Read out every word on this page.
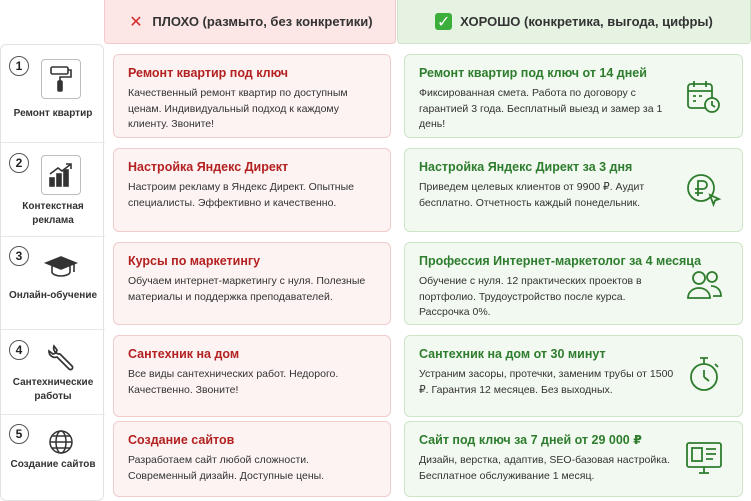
✕ ПЛОХО (размыто, без конкретики)	✓ ХОРОШО (конкретика, выгода, цифры)
1
Ремонт квартир
2
Контекстная реклама
3
Онлайн-обучение
4
Сантехнические работы
5
Создание сайтов
Ремонт квартир под ключ
Качественный ремонт квартир по доступным ценам. Индивидуальный подход к каждому клиенту. Звоните!
Ремонт квартир под ключ от 14 дней
Фиксированная смета. Работа по договору с гарантией 3 года. Бесплатный выезд и замер за 1 день!
Настройка Яндекс Директ
Настроим рекламу в Яндекс Директ. Опытные специалисты. Эффективно и качественно.
Настройка Яндекс Директ за 3 дня
Приведем целевых клиентов от 9900 ₽. Аудит бесплатно. Отчетность каждый понедельник.
Курсы по маркетингу
Обучаем интернет-маркетингу с нуля. Полезные материалы и поддержка преподавателей.
Профессия Интернет-маркетолог за 4 месяца
Обучение с нуля. 12 практических проектов в портфолио. Трудоустройство после курса. Рассрочка 0%.
Сантехник на дом
Все виды сантехнических работ. Недорого. Качественно. Звоните!
Сантехник на дом от 30 минут
Устраним засоры, протечки, заменим трубы от 1500 ₽. Гарантия 12 месяцев. Без выходных.
Создание сайтов
Разработаем сайт любой сложности. Современный дизайн. Доступные цены.
Сайт под ключ за 7 дней от 29 000 ₽
Дизайн, верстка, адаптив, SEO-базовая настройка. Бесплатное обслуживание 1 месяц.
